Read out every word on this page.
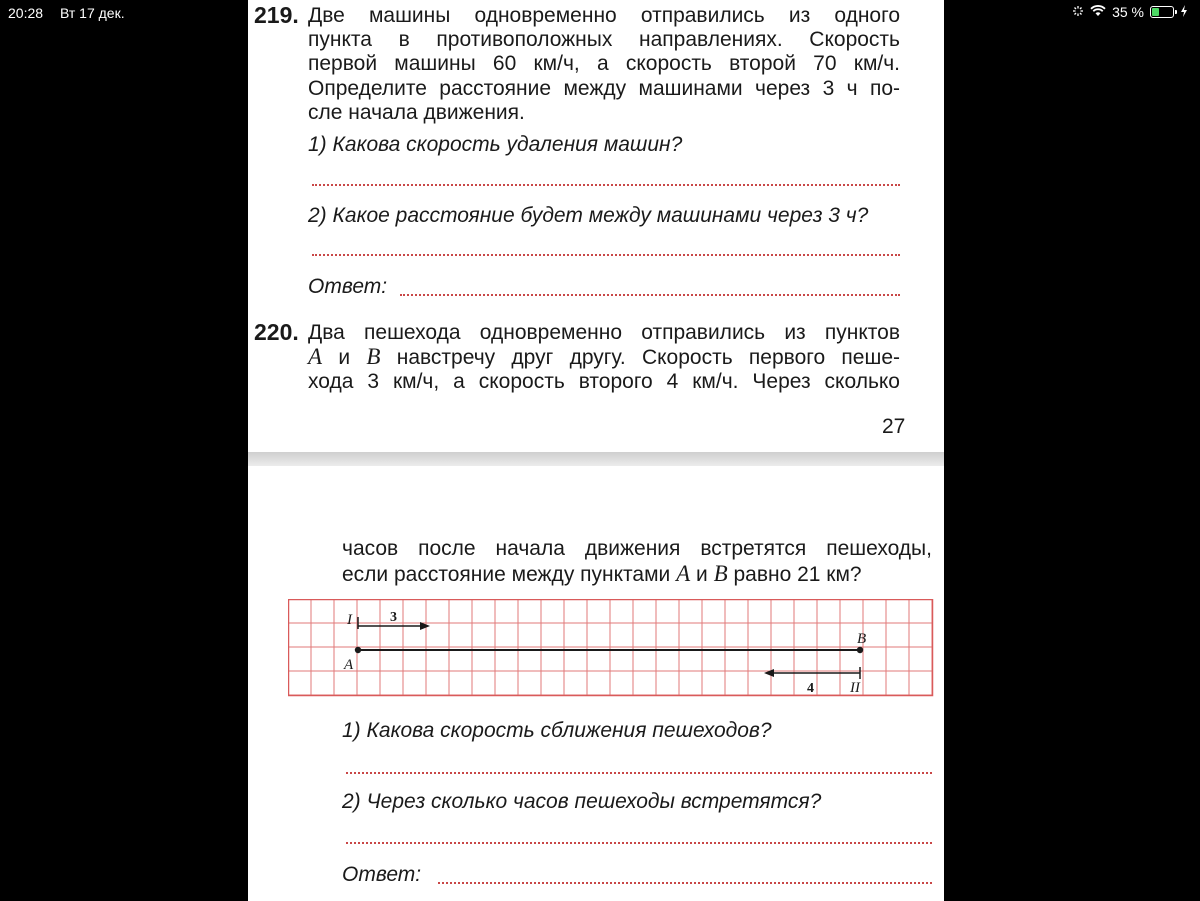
20:28 Вт 17 дек.	35 %
219. Две машины одновременно отправились из одного
пункта в противоположных направлениях. Скорость
первой машины 60 км/ч, а скорость второй 70 км/ч.
Определите расстояние между машинами через 3 ч по-
сле начала движения.
1) Какова скорость удаления машин?
2) Какое расстояние будет между машинами через 3 ч?
Ответ:
220. Два пешехода одновременно отправились из пунктов
A и B навстречу друг другу. Скорость первого пеше-
хода 3 км/ч, а скорость второго 4 км/ч. Через сколько
27
часов после начала движения встретятся пешеходы,
если расстояние между пунктами A и B равно 21 км?
I	3
A
B
4 II
1) Какова скорость сближения пешеходов?
2) Через сколько часов пешеходы встретятся?
Ответ:
